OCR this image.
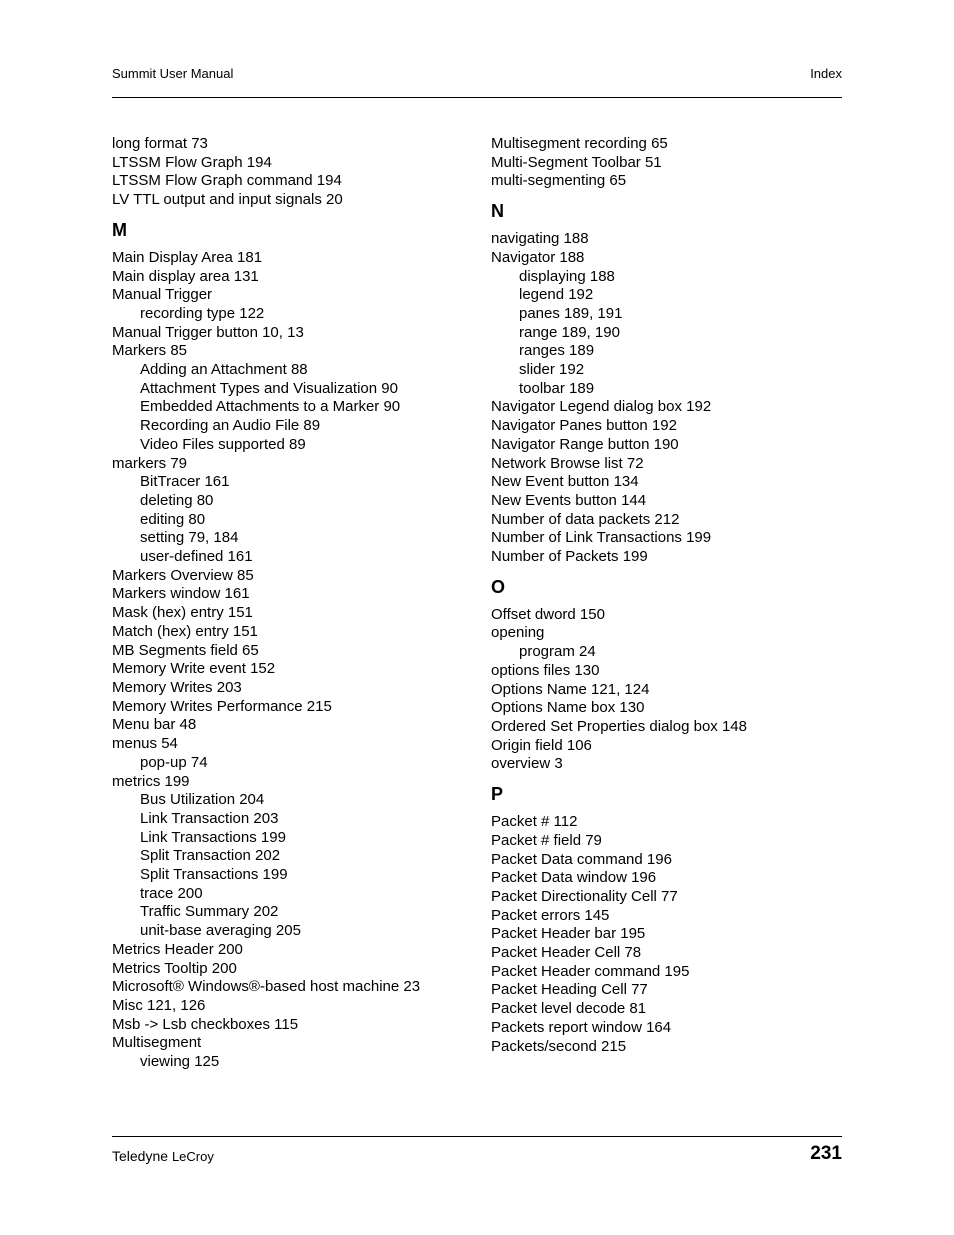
Summit User Manual	Index
long format 73
LTSSM Flow Graph 194
LTSSM Flow Graph command 194
LV TTL output and input signals 20
M
Main Display Area 181
Main display area 131
Manual Trigger
recording type 122
Manual Trigger button 10, 13
Markers 85
Adding an Attachment 88
Attachment Types and Visualization 90
Embedded Attachments to a Marker 90
Recording an Audio File 89
Video Files supported 89
markers 79
BitTracer 161
deleting 80
editing 80
setting 79, 184
user-defined 161
Markers Overview 85
Markers window 161
Mask (hex) entry 151
Match (hex) entry 151
MB Segments field 65
Memory Write event 152
Memory Writes 203
Memory Writes Performance 215
Menu bar 48
menus 54
pop-up 74
metrics 199
Bus Utilization 204
Link Transaction 203
Link Transactions 199
Split Transaction 202
Split Transactions 199
trace 200
Traffic Summary 202
unit-base averaging 205
Metrics Header 200
Metrics Tooltip 200
Microsoft® Windows®-based host machine 23
Misc 121, 126
Msb -> Lsb checkboxes 115
Multisegment
viewing 125
Multisegment recording 65
Multi-Segment Toolbar 51
multi-segmenting 65
N
navigating 188
Navigator 188
displaying 188
legend 192
panes 189, 191
range 189, 190
ranges 189
slider 192
toolbar 189
Navigator Legend dialog box 192
Navigator Panes button 192
Navigator Range button 190
Network Browse list 72
New Event button 134
New Events button 144
Number of data packets 212
Number of Link Transactions 199
Number of Packets 199
O
Offset dword 150
opening
program 24
options files 130
Options Name 121, 124
Options Name box 130
Ordered Set Properties dialog box 148
Origin field 106
overview 3
P
Packet # 112
Packet # field 79
Packet Data command 196
Packet Data window 196
Packet Directionality Cell 77
Packet errors 145
Packet Header bar 195
Packet Header Cell 78
Packet Header command 195
Packet Heading Cell 77
Packet level decode 81
Packets report window 164
Packets/second 215
Teledyne LeCroy	231
